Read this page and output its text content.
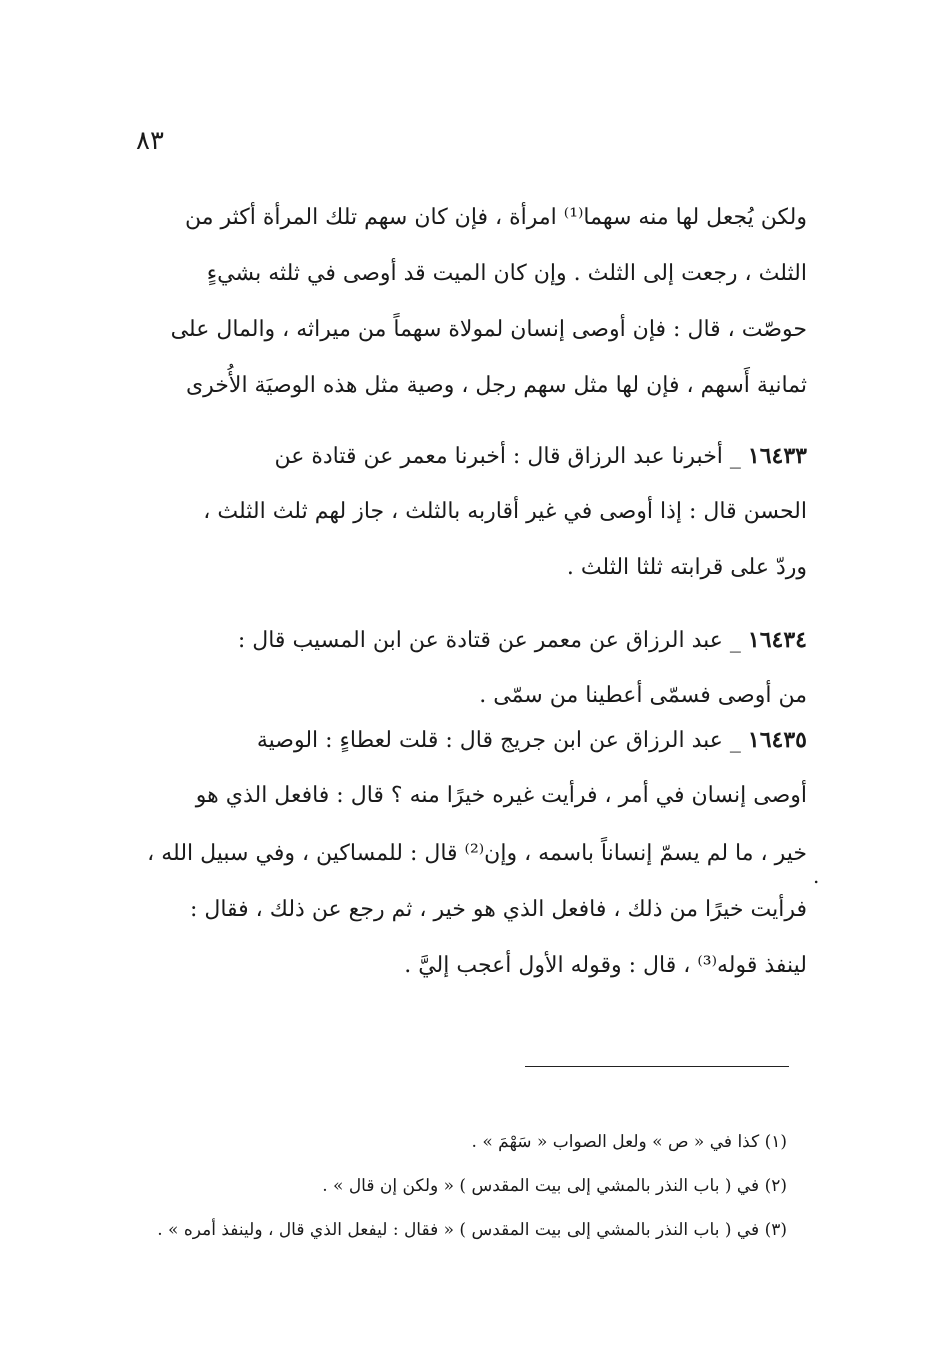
٨٣
ولكن يُجعل لها منه سهما⁽¹⁾ امرأة ، فإن كان سهم تلك المرأة أكثر من
الثلث ، رجعت إلى الثلث . وإن كان الميت قد أوصى في ثلثه بشيءٍ
حوصّت ، قال : فإن أوصى إنسان لمولاة سهماً من ميراثه ، والمال على
ثمانية أَسهم ، فإن لها مثل سهم رجل ، وصية مثل هذه الوصيَة الأُخرى
١٦٤٣٣ _ أخبرنا عبد الرزاق قال : أخبرنا معمر عن قتادة عن
الحسن قال : إذا أوصى في غير أقاربه بالثلث ، جاز لهم ثلث الثلث ،
وردّ على قرابته ثلثا الثلث .
١٦٤٣٤ _ عبد الرزاق عن معمر عن قتادة عن ابن المسيب قال :
من أوصى فسمّى أعطينا من سمّى .
١٦٤٣٥ _ عبد الرزاق عن ابن جريج قال : قلت لعطاءٍ : الوصية
أوصى إنسان في أمر ، فرأيت غيره خيرًا منه ؟ قال : فافعل الذي هو
خير ، ما لم يسمّ إنساناً باسمه ، وإن⁽²⁾ قال : للمساكين ، وفي سبيل الله ،
فرأيت خيرًا من ذلك ، فافعل الذي هو خير ، ثم رجع عن ذلك ، فقال :
لينفذ قوله⁽³⁾ ، قال : وقوله الأول أعجب إليَّ .
.
(١) كذا في « ص » ولعل الصواب « سَهْمَ » .
(٢) في ( باب النذر بالمشي إلى بيت المقدس ) « ولكن إن قال » .
(٣) في ( باب النذر بالمشي إلى بيت المقدس ) « فقال : ليفعل الذي قال ، ولينفذ أمره » .
